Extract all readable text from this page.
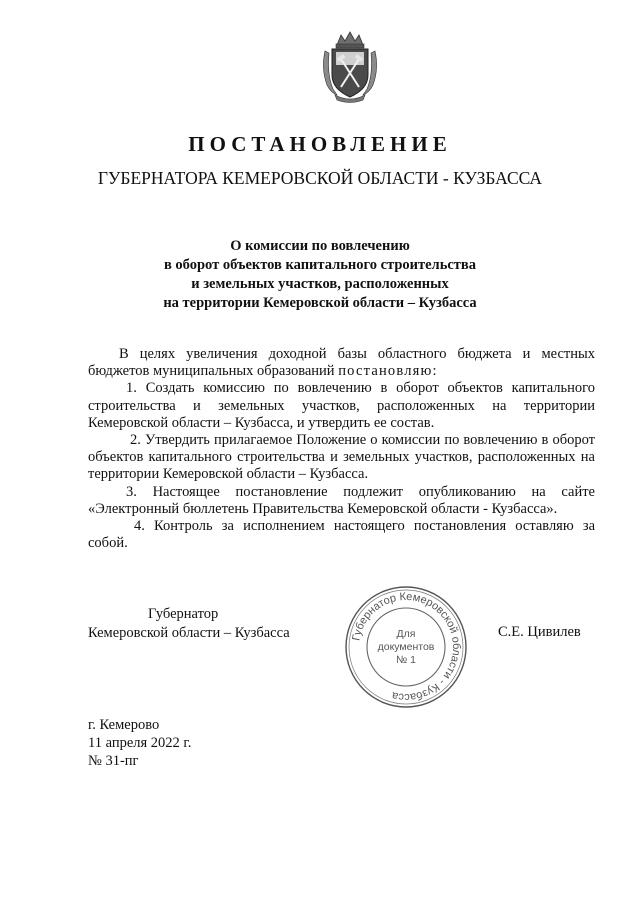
ПОСТАНОВЛЕНИЕ
ГУБЕРНАТОРА КЕМЕРОВСКОЙ ОБЛАСТИ - КУЗБАССА
О комиссии по вовлечению
в оборот объектов капитального строительства
и земельных участков, расположенных
на территории Кемеровской области – Кузбасса

В целях увеличения доходной базы областного бюджета и местных бюджетов муниципальных образований постановляю:

1. Создать комиссию по вовлечению в оборот объектов капитального строительства и земельных участков, расположенных на территории Кемеровской области – Кузбасса, и утвердить ее состав.

2. Утвердить прилагаемое Положение о комиссии по вовлечению в оборот объектов капитального строительства и земельных участков, расположенных на территории Кемеровской области – Кузбасса.

3. Настоящее постановление подлежит опубликованию на сайте «Электронный бюллетень Правительства Кемеровской области - Кузбасса».

4. Контроль за исполнением настоящего постановления оставляю за собой.

Губернатор
Кемеровской области – Кузбасса	Губернатор Кемеровской области - Кузбасса
Для
документов
№ 1
С.Е. Цивилев
г. Кемерово
11 апреля 2022 г.
№ 31-пг
